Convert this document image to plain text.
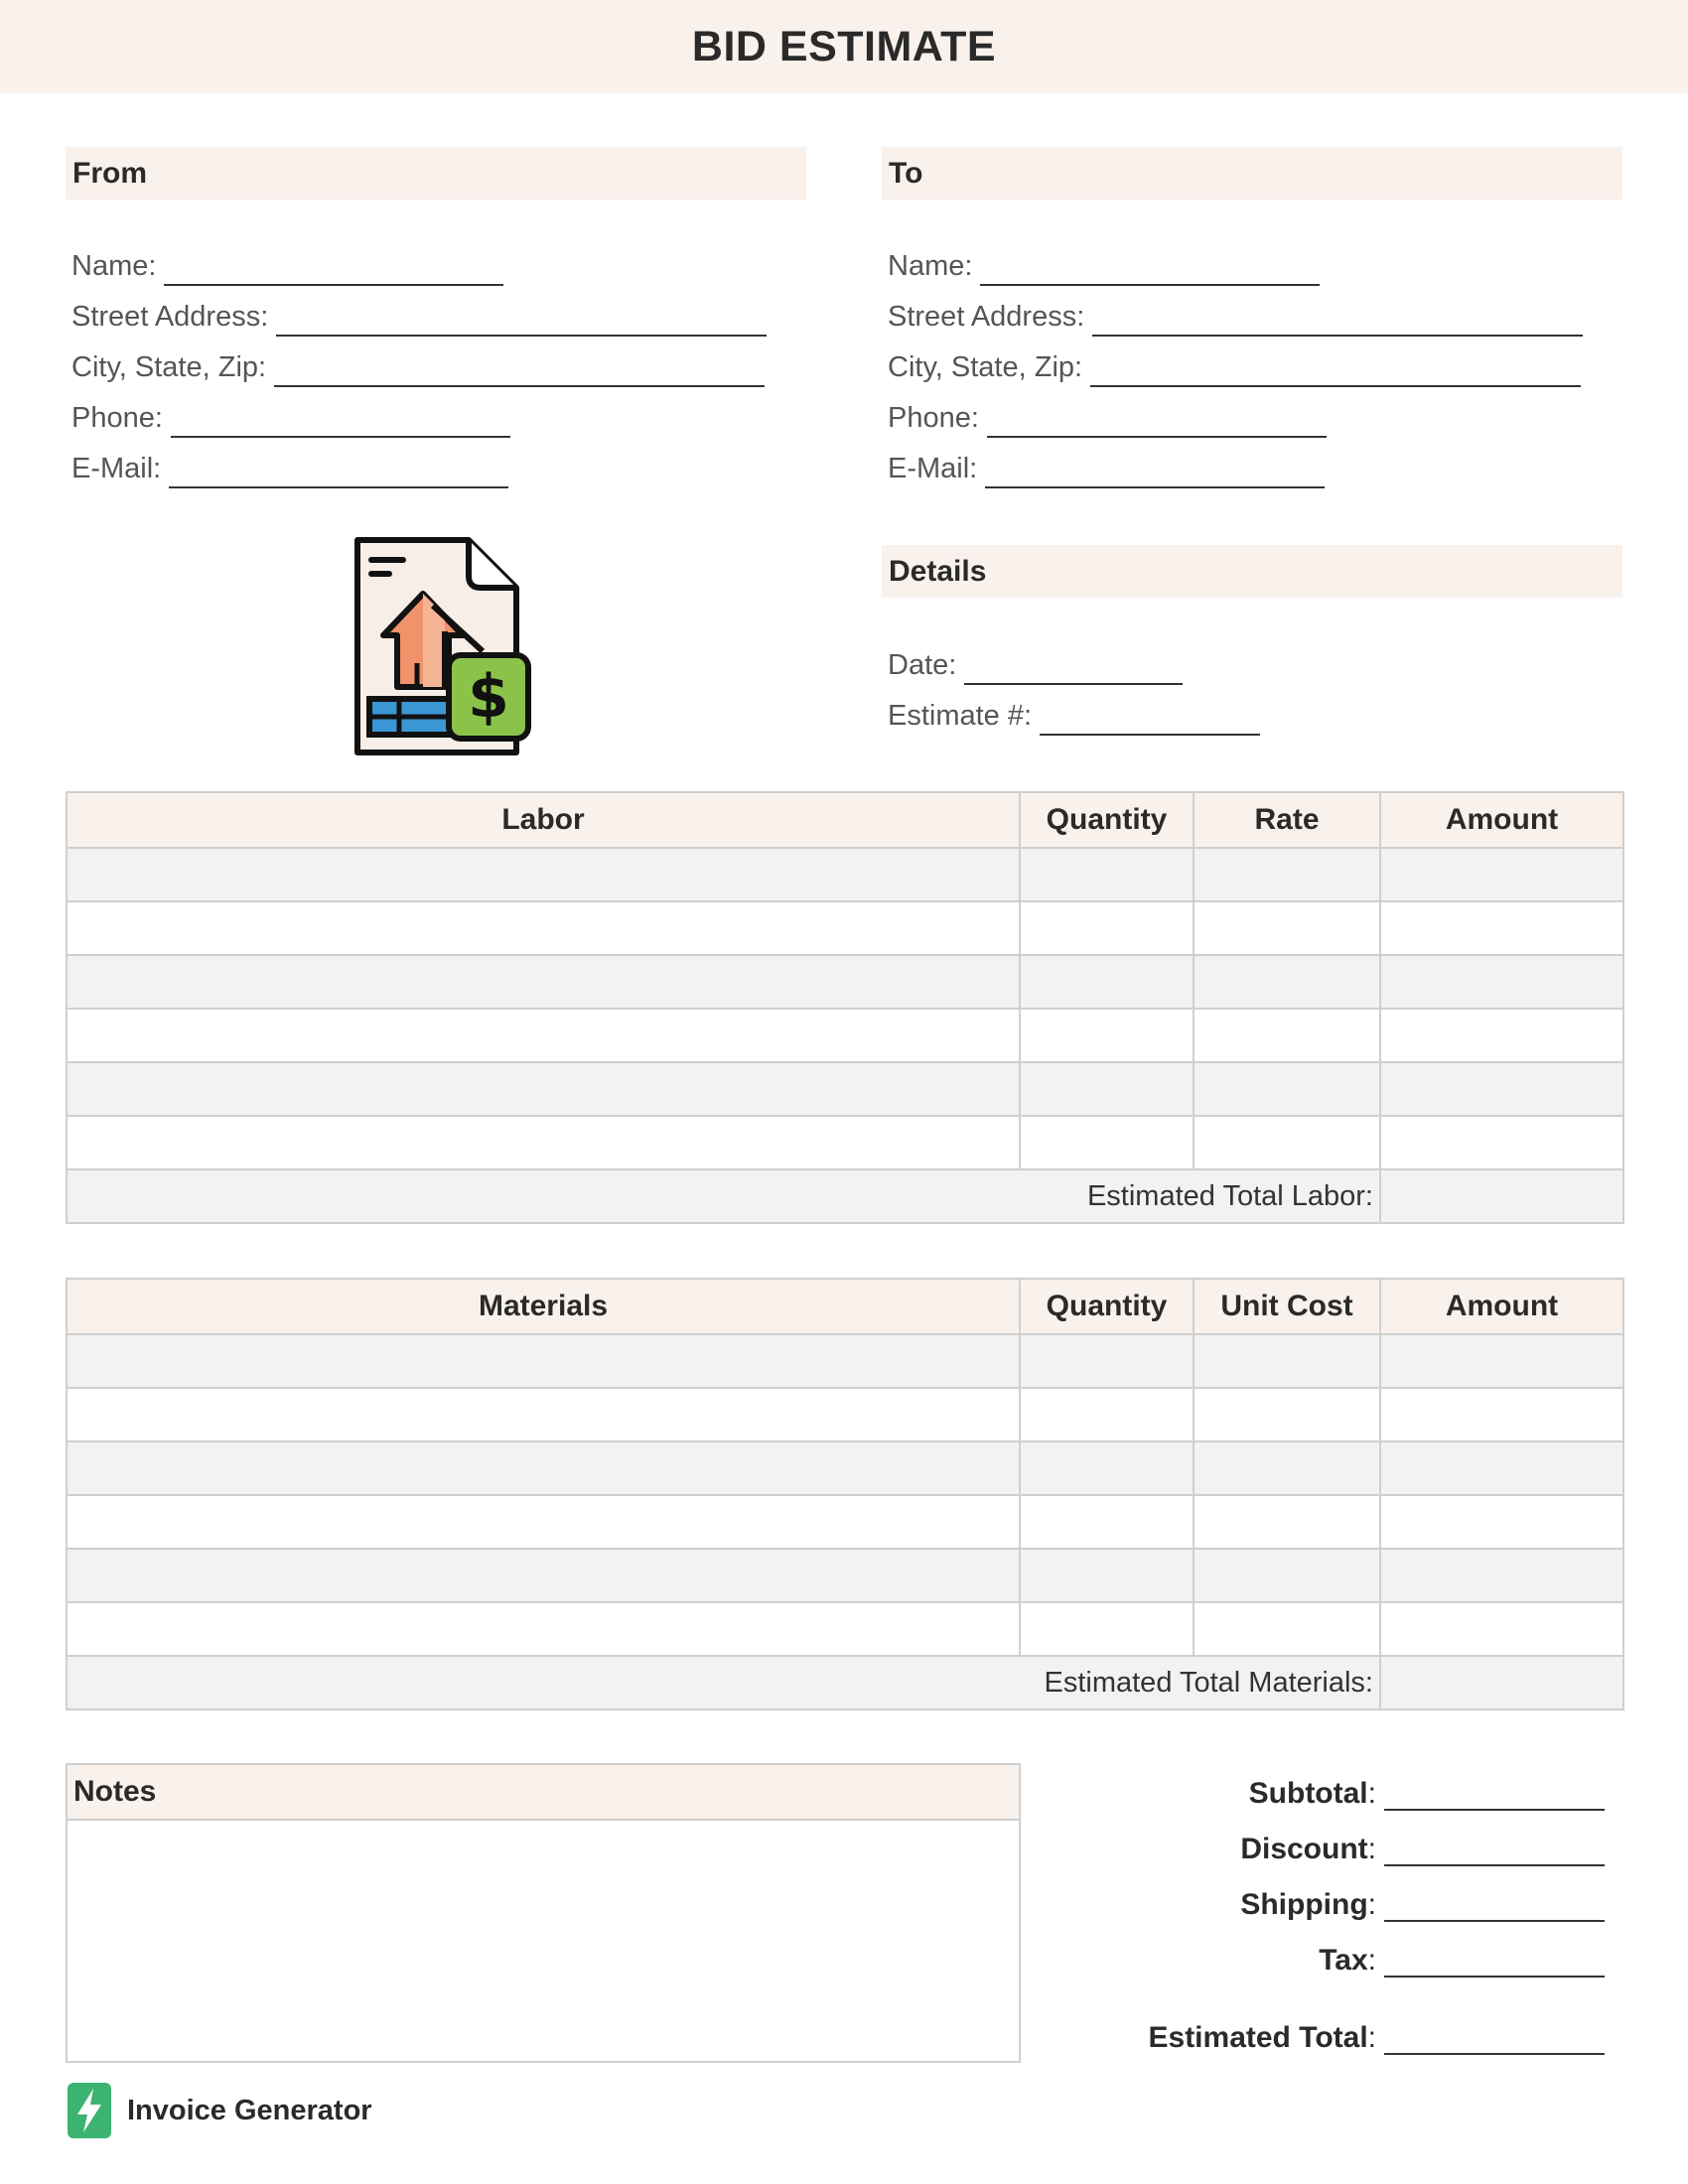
BID ESTIMATE
From
Name:
Street Address:
City, State, Zip:
Phone:
E-Mail:
To
Name:
Street Address:
City, State, Zip:
Phone:
E-Mail:
$
Details
Date:
Estimate #:
Labor	Quantity	Rate	Amount

Estimated Total Labor:			
Materials	Quantity	Unit Cost	Amount

Estimated Total Materials:			
Notes	Subtotal :
Discount :
Shipping :
Tax :
Estimated Total :
Invoice Generator
